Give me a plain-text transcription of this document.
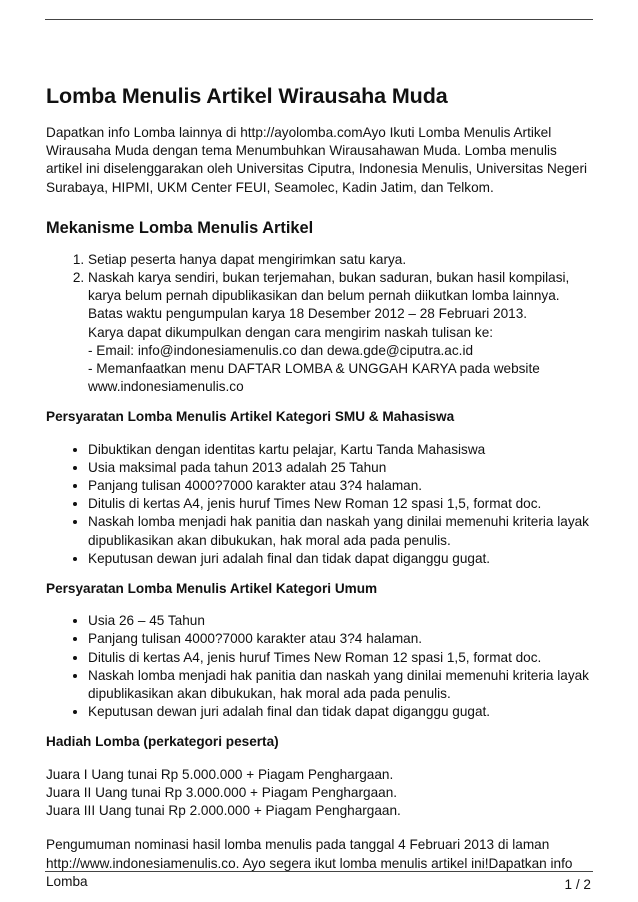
Lomba Menulis Artikel Wirausaha Muda

Dapatkan info Lomba lainnya di http://ayolomba.comAyo Ikuti Lomba Menulis Artikel Wirausaha Muda dengan tema Menumbuhkan Wirausahawan Muda. Lomba menulis artikel ini diselenggarakan oleh Universitas Ciputra, Indonesia Menulis, Universitas Negeri Surabaya, HIPMI, UKM Center FEUI, Seamolec, Kadin Jatim, dan Telkom.

Mekanisme Lomba Menulis Artikel
1. Setiap peserta hanya dapat mengirimkan satu karya.
2. Naskah karya sendiri, bukan terjemahan, bukan saduran, bukan hasil kompilasi, karya belum pernah dipublikasikan dan belum pernah diikutkan lomba lainnya.
Batas waktu pengumpulan karya 18 Desember 2012 – 28 Februari 2013.
Karya dapat dikumpulkan dengan cara mengirim naskah tulisan ke:
- Email: info@indonesiamenulis.co dan dewa.gde@ciputra.ac.id
- Memanfaatkan menu DAFTAR LOMBA & UNGGAH KARYA pada website www.indonesiamenulis.co
Persyaratan Lomba Menulis Artikel Kategori SMU & Mahasiswa
• Dibuktikan dengan identitas kartu pelajar, Kartu Tanda Mahasiswa
• Usia maksimal pada tahun 2013 adalah 25 Tahun
• Panjang tulisan 4000?7000 karakter atau 3?4 halaman.
• Ditulis di kertas A4, jenis huruf Times New Roman 12 spasi 1,5, format doc.
• Naskah lomba menjadi hak panitia dan naskah yang dinilai memenuhi kriteria layak dipublikasikan akan dibukukan, hak moral ada pada penulis.
• Keputusan dewan juri adalah final dan tidak dapat diganggu gugat.
Persyaratan Lomba Menulis Artikel Kategori Umum
• Usia 26 – 45 Tahun
• Panjang tulisan 4000?7000 karakter atau 3?4 halaman.
• Ditulis di kertas A4, jenis huruf Times New Roman 12 spasi 1,5, format doc.
• Naskah lomba menjadi hak panitia dan naskah yang dinilai memenuhi kriteria layak dipublikasikan akan dibukukan, hak moral ada pada penulis.
• Keputusan dewan juri adalah final dan tidak dapat diganggu gugat.
Hadiah Lomba (perkategori peserta)

Juara I Uang tunai Rp 5.000.000 + Piagam Penghargaan.
Juara II Uang tunai Rp 3.000.000 + Piagam Penghargaan.
Juara III Uang tunai Rp 2.000.000 + Piagam Penghargaan.

Pengumuman nominasi hasil lomba menulis pada tanggal 4 Februari 2013 di laman http://www.indonesiamenulis.co. Ayo segera ikut lomba menulis artikel ini!Dapatkan info Lomba	1 / 2
